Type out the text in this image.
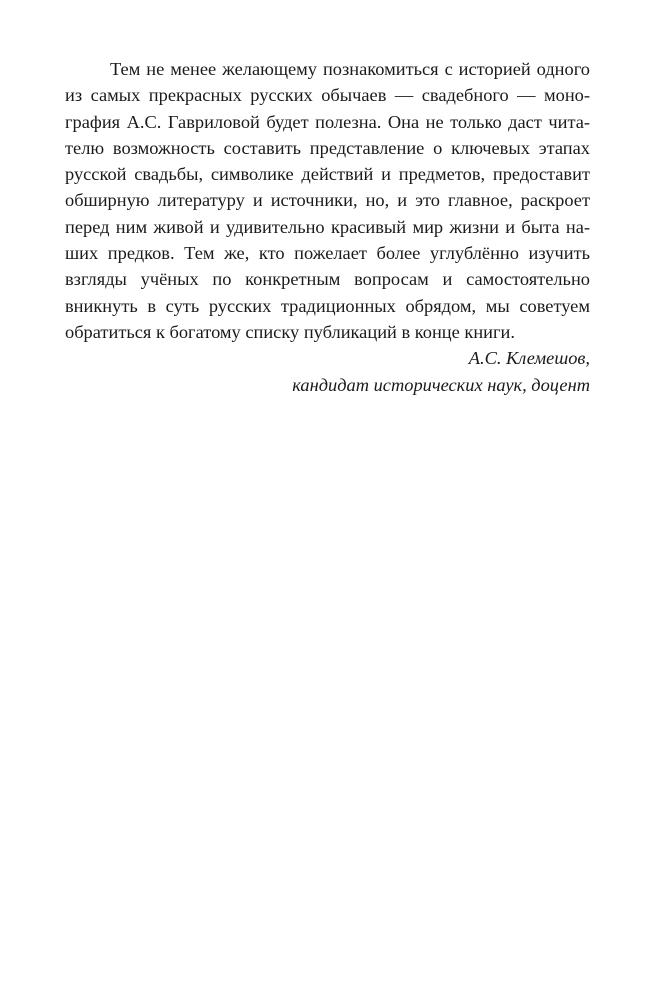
Тем не менее желающему познакомиться с историей одного
из самых прекрасных русских обычаев — свадебного — моно-
графия А.С. Гавриловой будет полезна. Она не только даст чита-
телю возможность составить представление о ключевых этапах
русской свадьбы, символике действий и предметов, предоставит
обширную литературу и источники, но, и это главное, раскроет
перед ним живой и удивительно красивый мир жизни и быта на-
ших предков. Тем же, кто пожелает более углублённо изучить
взгляды учёных по конкретным вопросам и самостоятельно
вникнуть в суть русских традиционных обрядом, мы советуем
обратиться к богатому списку публикаций в конце книги.
А.С. Клемешов,
кандидат исторических наук, доцент
